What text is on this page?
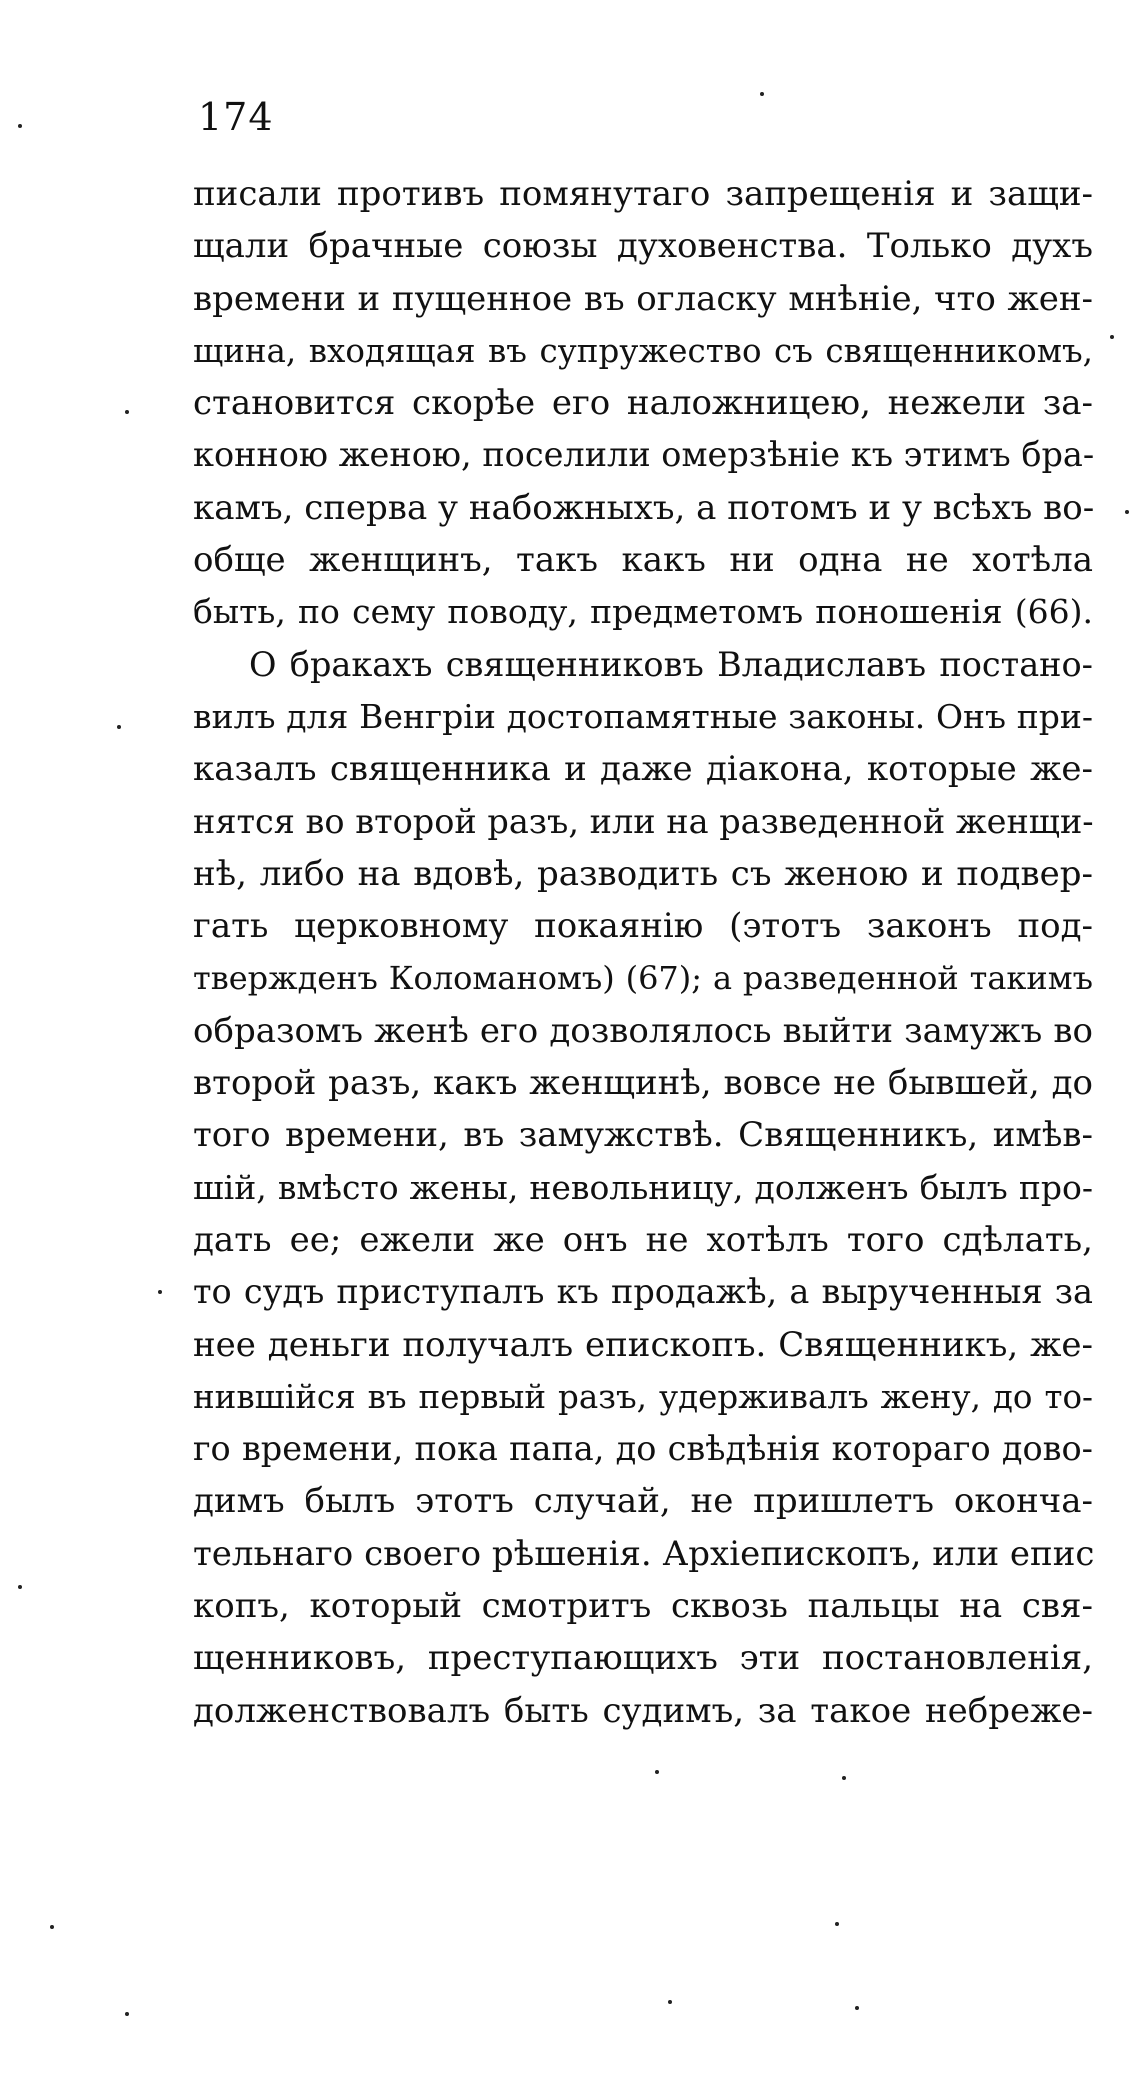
174
писали противъ помянутаго запрещенія и защи-
щали брачные союзы духовенства. Только духъ
времени и пущенное въ огласку мнѣніе, что жен-
щина, входящая въ супружество съ священникомъ,
становится скорѣе его наложницею, нежели за-
конною женою, поселили омерзѣніе къ этимъ бра-
камъ, сперва у набожныхъ, а потомъ и у всѣхъ во-
обще женщинъ, такъ какъ ни одна не хотѣла
быть, по сему поводу, предметомъ поношенія (66).
О бракахъ священниковъ Владиславъ постано-
вилъ для Венгріи достопамятные законы. Онъ при-
казалъ священника и даже діакона, которые же-
нятся во второй разъ, или на разведенной женщи-
нѣ, либо на вдовѣ, разводить съ женою и подвер-
гать церковному покаянію (этотъ законъ под-
твержденъ Коломаномъ) (67); а разведенной такимъ
образомъ женѣ его дозволялось выйти замужъ во
второй разъ, какъ женщинѣ, вовсе не бывшей, до
того времени, въ замужствѣ. Священникъ, имѣв-
шій, вмѣсто жены, невольницу, долженъ былъ про-
дать ее; ежели же онъ не хотѣлъ того сдѣлать,
то судъ приступалъ къ продажѣ, а вырученныя за
нее деньги получалъ епископъ. Священникъ, же-
нившійся въ первый разъ, удерживалъ жену, до то-
го времени, пока папа, до свѣдѣнія котораго дово-
димъ былъ этотъ случай, не пришлетъ оконча-
тельнаго своего рѣшенія. Архіепископъ, или епис
копъ, который смотритъ сквозь пальцы на свя-
щенниковъ, преступающихъ эти постановленія,
долженствовалъ быть судимъ, за такое небреже-
